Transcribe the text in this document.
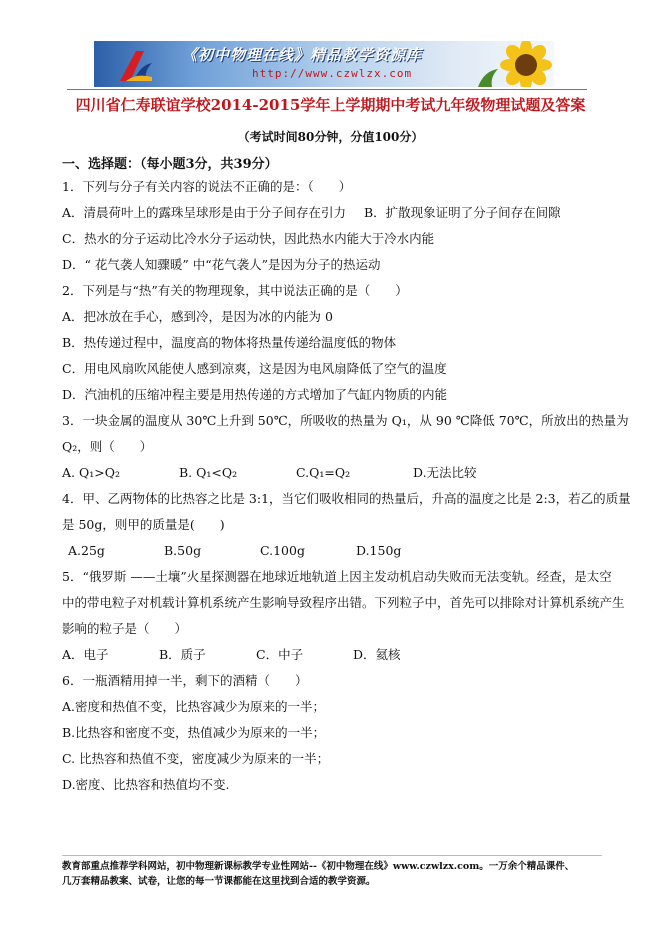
《初中物理在线》精品教学资源库
http://www.czwlzx.com
四川省仁寿联谊学校2014-2015学年上学期期中考试九年级物理试题及答案
（考试时间80分钟，分值100分）
一、选择题：（每小题3分，共39分）
1．下列与分子有关内容的说法不正确的是：（　　）
A．清晨荷叶上的露珠呈球形是由于分子间存在引力 B．扩散现象证明了分子间存在间隙
C．热水的分子运动比冷水分子运动快，因此热水内能大于冷水内能
D．“ 花气袭人知骤暖” 中“花气袭人”是因为分子的热运动
2．下列是与“热”有关的物理现象，其中说法正确的是（　　）
A．把冰放在手心，感到冷，是因为冰的内能为 0
B．热传递过程中，温度高的物体将热量传递给温度低的物体
C．用电风扇吹风能使人感到凉爽，这是因为电风扇降低了空气的温度
D．汽油机的压缩冲程主要是用热传递的方式增加了气缸内物质的内能
3．一块金属的温度从 30℃上升到 50℃，所吸收的热量为 Q₁，从 90 ℃降低 70℃，所放出的热量为
Q₂，则（　　）
A. Q₁>Q₂	B. Q₁<Q₂	C.Q₁=Q₂	D.无法比较
4．甲、乙两物体的比热容之比是 3:1，当它们吸收相同的热量后，升高的温度之比是 2:3，若乙的质量
是 50g，则甲的质量是(　　)
A.25g	B.50g	C.100g	D.150g
5．“俄罗斯 ——土壤”火星探测器在地球近地轨道上因主发动机启动失败而无法变轨。经查，是太空
中的带电粒子对机载计算机系统产生影响导致程序出错。下列粒子中，首先可以排除对计算机系统产生
影响的粒子是（　　）
A．电子	B．质子	C．中子	D．氦核
6．一瓶酒精用掉一半，剩下的酒精（　　）
A.密度和热值不变，比热容减少为原来的一半；
B.比热容和密度不变，热值减少为原来的一半；
C. 比热容和热值不变，密度减少为原来的一半；
D.密度、比热容和热值均不变.
教育部重点推荐学科网站，初中物理新课标教学专业性网站--《初中物理在线》www.czwlzx.com。一万余个精品课件、
几万套精品教案、试卷，让您的每一节课都能在这里找到合适的教学资源。
